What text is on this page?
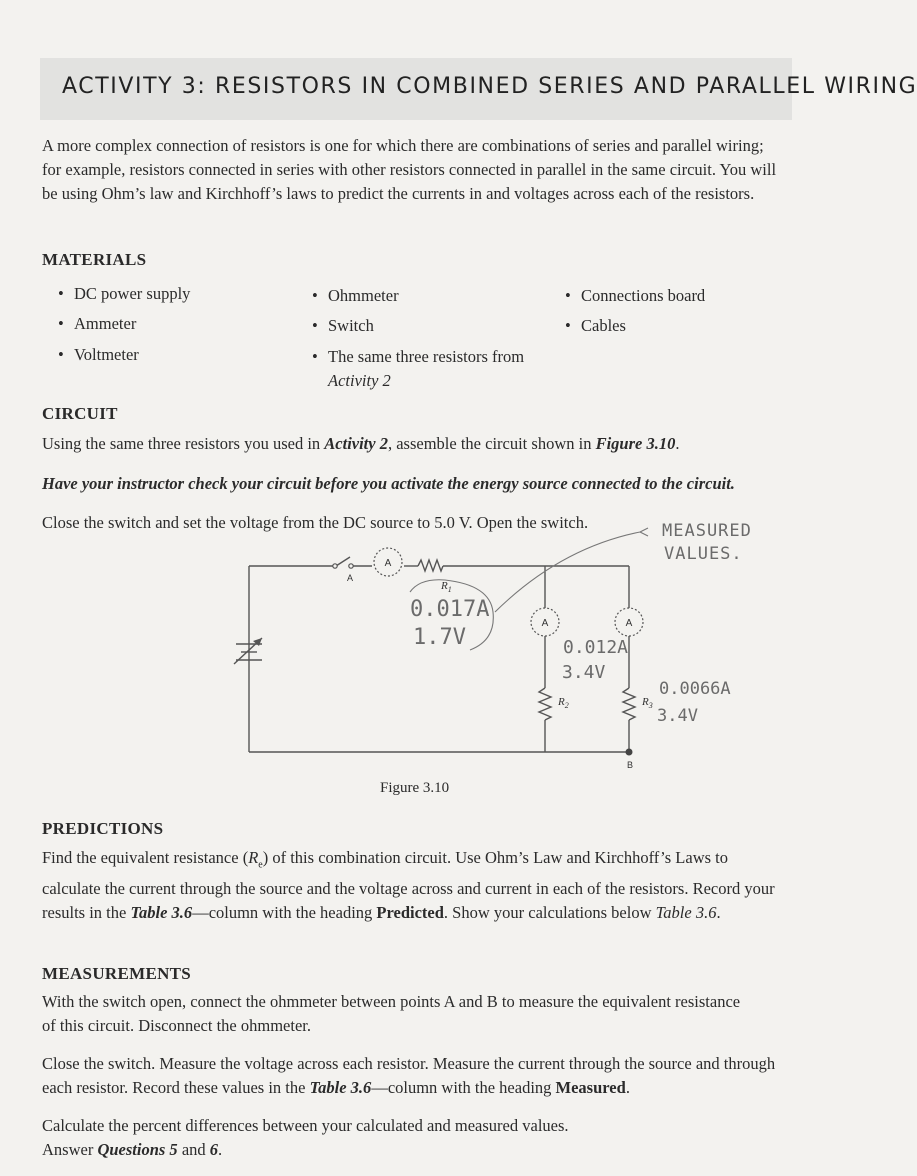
ACTIVITY 3: RESISTORS IN COMBINED SERIES AND PARALLEL WIRING
A more complex connection of resistors is one for which there are combinations of series and parallel wiring; for example, resistors connected in series with other resistors connected in parallel in the same circuit. You will be using Ohm’s law and Kirchhoff’s laws to predict the currents in and voltages across each of the resistors.
MATERIALS
• DC power supply
• Ammeter
• Voltmeter
• Ohmmeter
• Switch
• The same three resistors from
Activity 2
• Connections board
• Cables
CIRCUIT
Using the same three resistors you used in Activity 2, assemble the circuit shown in Figure 3.10.
Have your instructor check your circuit before you activate the energy source connected to the circuit.
Close the switch and set the voltage from the DC source to 5.0 V. Open the switch.
A
A	A
A
B
$R_1$
$R_2$	$R_3$
0.017A
1.7V
MEASURED
VALUES.
0.012A
3.4V
0.0066A
3.4V
Figure 3.10
PREDICTIONS
Find the equivalent resistance $(R_e)$ of this combination circuit. Use Ohm’s Law and Kirchhoff’s Laws to calculate the current through the source and the voltage across and current in each of the resistors. Record your results in the Table 3.6—column with the heading Predicted. Show your calculations below Table 3.6.
MEASUREMENTS
With the switch open, connect the ohmmeter between points A and B to measure the equivalent resistance of this circuit. Disconnect the ohmmeter.
Close the switch. Measure the voltage across each resistor. Measure the current through the source and through each resistor. Record these values in the Table 3.6—column with the heading Measured.
Calculate the percent differences between your calculated and measured values.
Answer Questions 5 and 6.
